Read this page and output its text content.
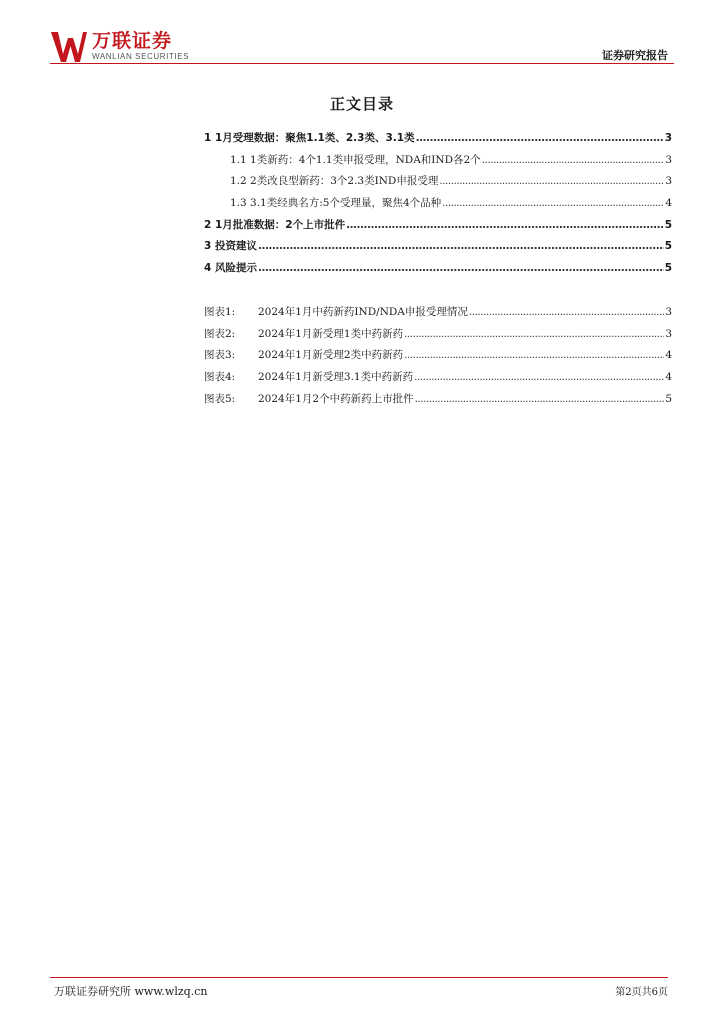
万联证券
WANLIAN SECURITIES	证券研究报告
正文目录
1 1月受理数据：聚焦1.1类、2.3类、3.1类 .....	3
1.1 1类新药：4个1.1类申报受理，NDA和IND各2个 .....	3
1.2 2类改良型新药：3个2.3类IND申报受理 .....	3
1.3 3.1类经典名方:5个受理量，聚焦4个品种 .....	4
2 1月批准数据：2个上市批件 .....	5
3 投资建议 .....	5
4 风险提示 .....	5
图表1:	2024年1月中药新药IND/NDA申报受理情况 .....	3
图表2:	2024年1月新受理1类中药新药 .....	3
图表3:	2024年1月新受理2类中药新药 .....	4
图表4:	2024年1月新受理3.1类中药新药 .....	4
图表5:	2024年1月2个中药新药上市批件 .....	5
万联证券研究所 www.wlzq.cn	第2页共6页
